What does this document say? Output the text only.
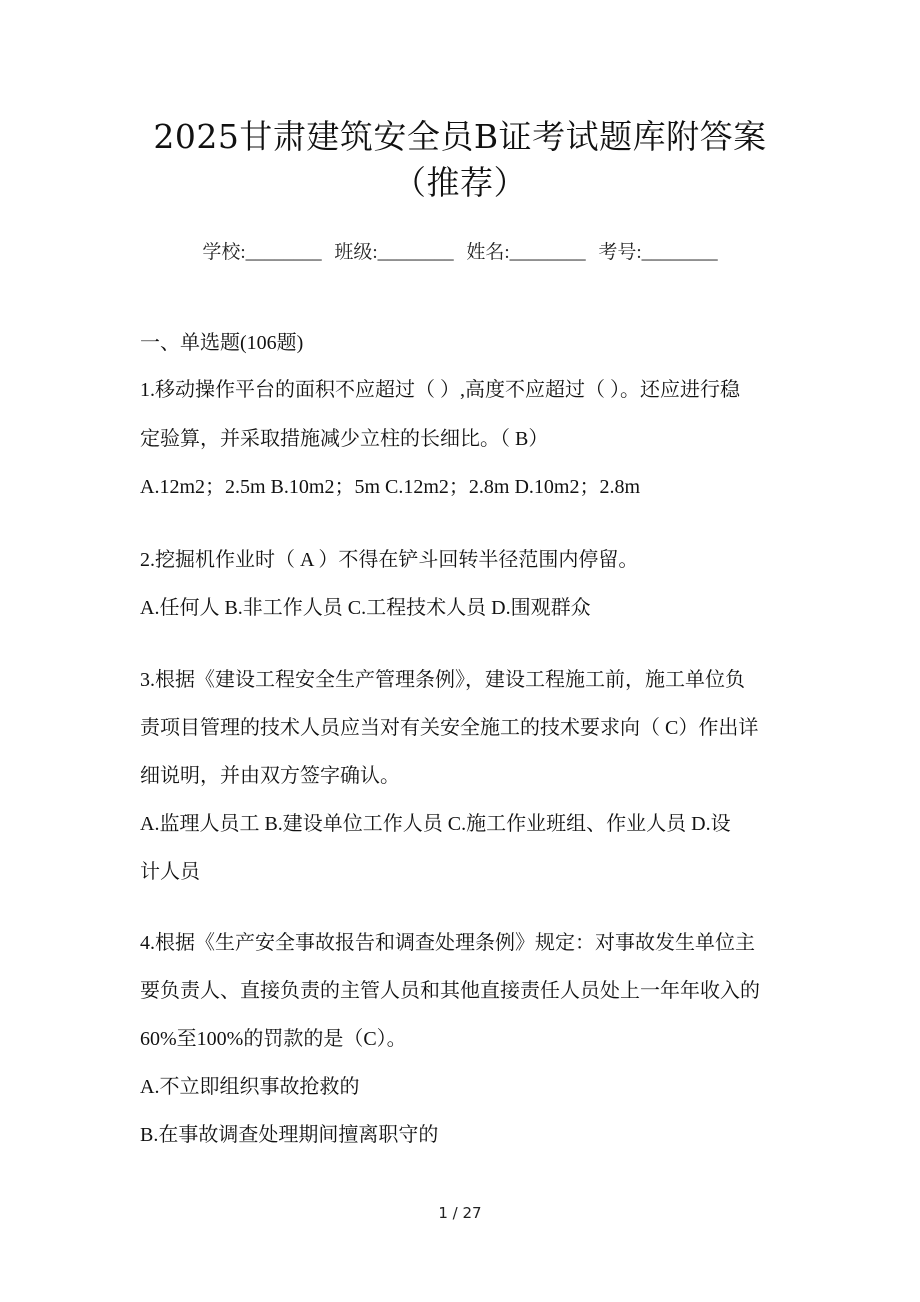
2025甘肃建筑安全员B证考试题库附答案
（推荐）
学校:________ 班级:________ 姓名:________ 考号:________
一、单选题(106题)
1.移动操作平台的面积不应超过（ ）,高度不应超过（ ）。还应进行稳
定验算，并采取措施减少立柱的长细比。（ B）
A.12m2；2.5m B.10m2；5m C.12m2；2.8m D.10m2；2.8m
2.挖掘机作业时（ A ）不得在铲斗回转半径范围内停留。
A.任何人 B.非工作人员 C.工程技术人员 D.围观群众
3.根据《建设工程安全生产管理条例》，建设工程施工前，施工单位负
责项目管理的技术人员应当对有关安全施工的技术要求向（ C）作出详
细说明，并由双方签字确认。
A.监理人员工 B.建设单位工作人员 C.施工作业班组、作业人员 D.设
计人员
4.根据《生产安全事故报告和调查处理条例》规定：对事故发生单位主
要负责人、直接负责的主管人员和其他直接责任人员处上一年年收入的
60%至100%的罚款的是（C）。
A.不立即组织事故抢救的
B.在事故调查处理期间擅离职守的
1 / 27
